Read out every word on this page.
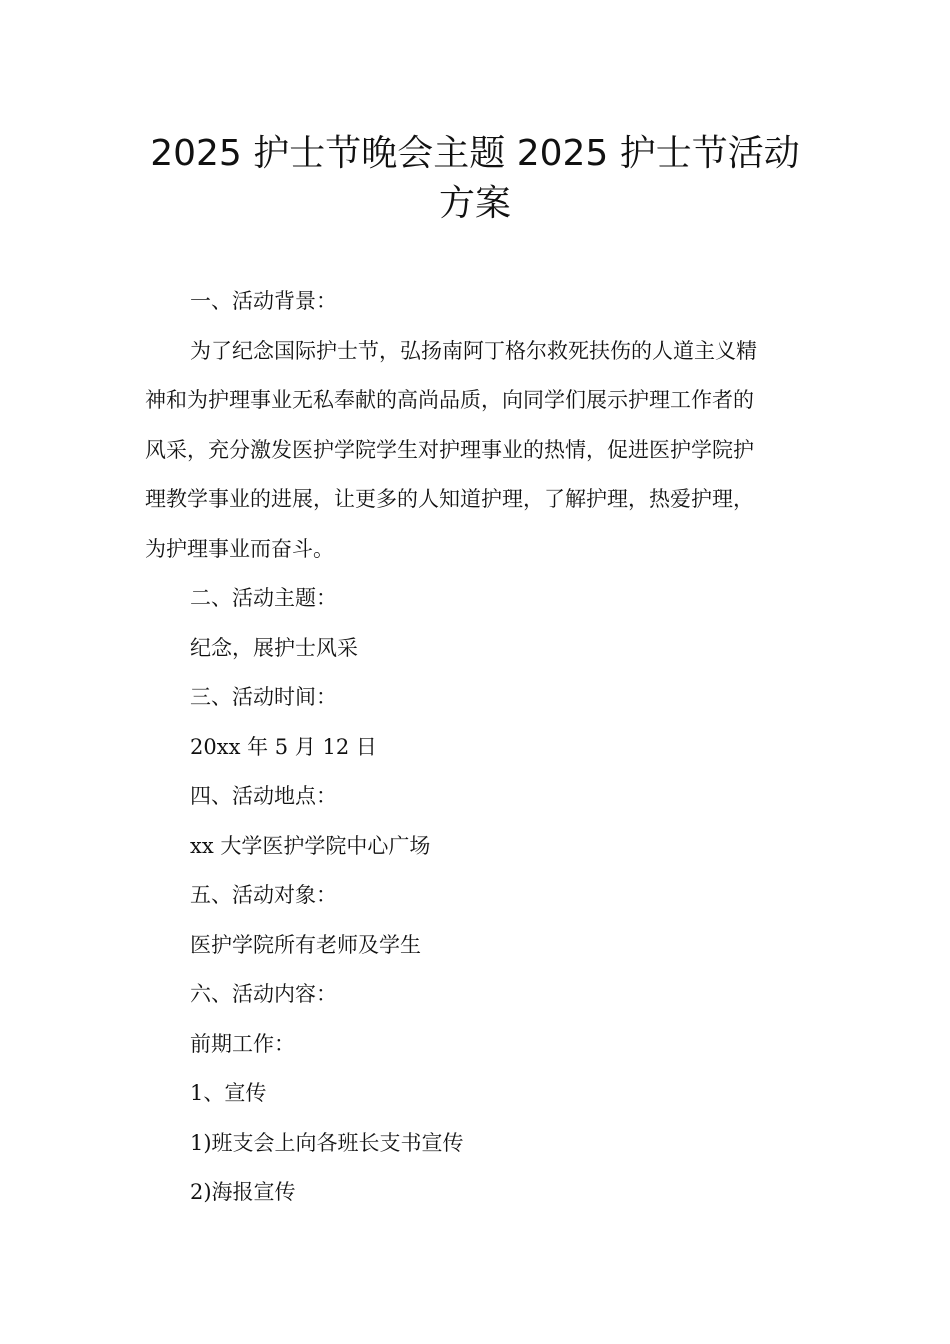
2025 护士节晚会主题 2025 护士节活动
方案
一、活动背景：
为了纪念国际护士节，弘扬南阿丁格尔救死扶伤的人道主义精
神和为护理事业无私奉献的高尚品质，向同学们展示护理工作者的
风采，充分激发医护学院学生对护理事业的热情，促进医护学院护
理教学事业的进展，让更多的人知道护理，了解护理，热爱护理，
为护理事业而奋斗。
二、活动主题：
纪念，展护士风采
三、活动时间：
20xx 年 5 月 12 日
四、活动地点：
xx 大学医护学院中心广场
五、活动对象：
医护学院所有老师及学生
六、活动内容：
前期工作：
1、宣传
1)班支会上向各班长支书宣传
2)海报宣传
